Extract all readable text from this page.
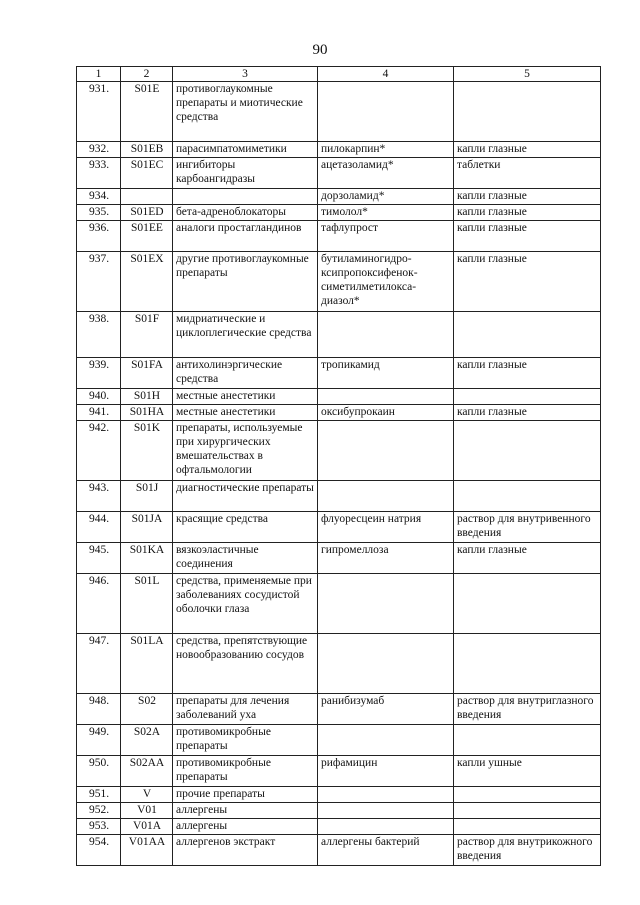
90
1	2	3	4	5
931.	S01E	противоглаукомные препараты и миотические средства		
932.	S01EB	парасимпатомиметики	пилокарпин*	капли глазные
933.	S01EC	ингибиторы карбоангидразы	ацетазоламид*	таблетки
934.			дорзоламид*	капли глазные
935.	S01ED	бета-адреноблокаторы	тимолол*	капли глазные
936.	S01EE	аналоги простагландинов	тафлупрост	капли глазные
937.	S01EX	другие противоглаукомные препараты	бутиламиногидро-ксипропоксифенок-симетилметилокса-диазол*	капли глазные
938.	S01F	мидриатические и циклоплегические средства		
939.	S01FA	антихолинэргические средства	тропикамид	капли глазные
940.	S01H	местные анестетики		
941.	S01HA	местные анестетики	оксибупрокаин	капли глазные
942.	S01K	препараты, используемые при хирургических вмешательствах в офтальмологии		
943.	S01J	диагностические препараты		
944.	S01JA	красящие средства	флуоресцеин натрия	раствор для внутривенного введения
945.	S01KA	вязкоэластичные соединения	гипромеллоза	капли глазные
946.	S01L	средства, применяемые при заболеваниях сосудистой оболочки глаза		
947.	S01LA	средства, препятствующие новообразованию сосудов		
948.	S02	препараты для лечения заболеваний уха	ранибизумаб	раствор для внутриглазного введения
949.	S02A	противомикробные препараты		
950.	S02AA	противомикробные препараты	рифамицин	капли ушные
951.	V	прочие препараты		
952.	V01	аллергены		
953.	V01A	аллергены		
954.	V01AA	аллергенов экстракт	аллергены бактерий	раствор для внутрикожного введения
